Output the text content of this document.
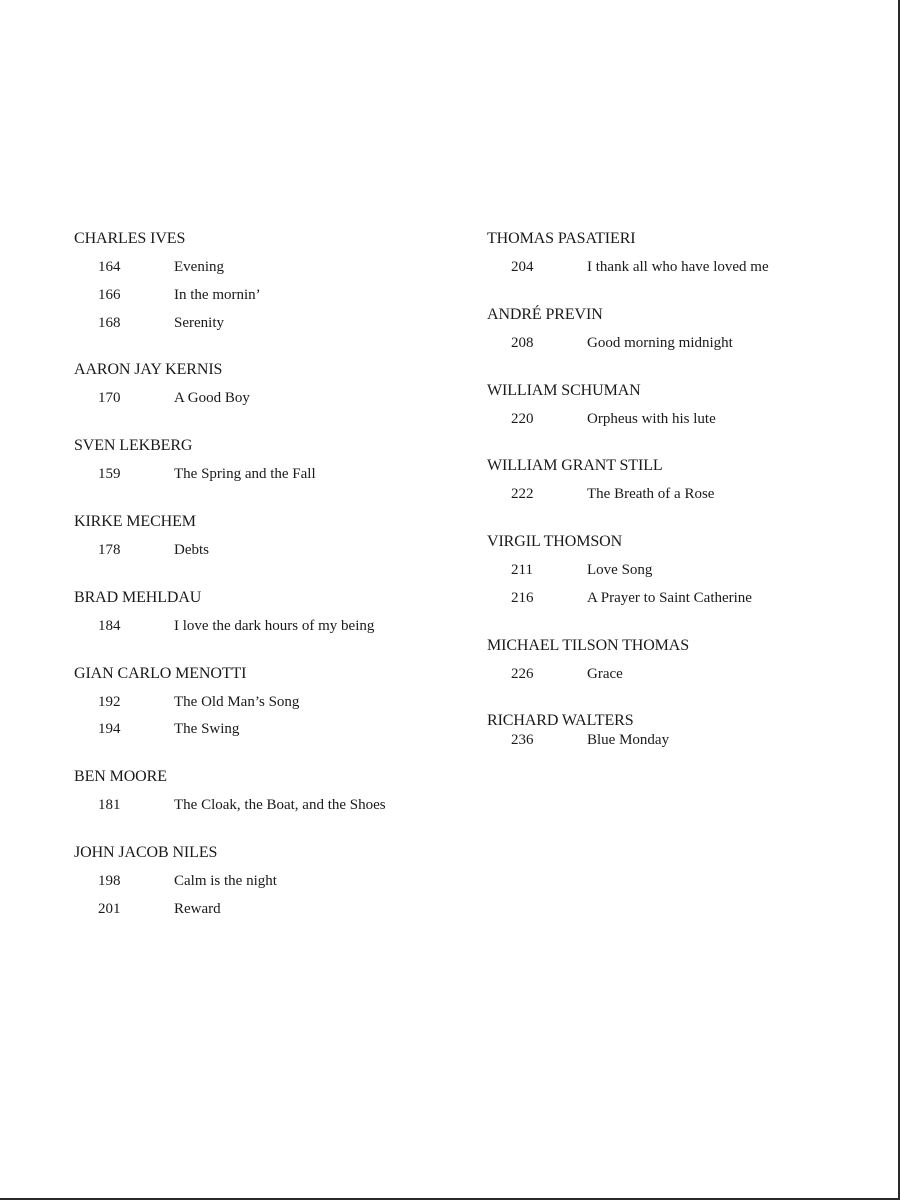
CHARLES IVES
164	Evening
166	In the mornin’
168	Serenity
AARON JAY KERNIS
170	A Good Boy
SVEN LEKBERG
159	The Spring and the Fall
KIRKE MECHEM
178	Debts
BRAD MEHLDAU
184	I love the dark hours of my being
GIAN CARLO MENOTTI
192	The Old Man’s Song
194	The Swing
BEN MOORE
181	The Cloak, the Boat, and the Shoes
JOHN JACOB NILES
198	Calm is the night
201	Reward
THOMAS PASATIERI
204	I thank all who have loved me
ANDRÉ PREVIN
208	Good morning midnight
WILLIAM SCHUMAN
220	Orpheus with his lute
WILLIAM GRANT STILL
222	The Breath of a Rose
VIRGIL THOMSON
211	Love Song
216	A Prayer to Saint Catherine
MICHAEL TILSON THOMAS
226	Grace
RICHARD WALTERS
236	Blue Monday
